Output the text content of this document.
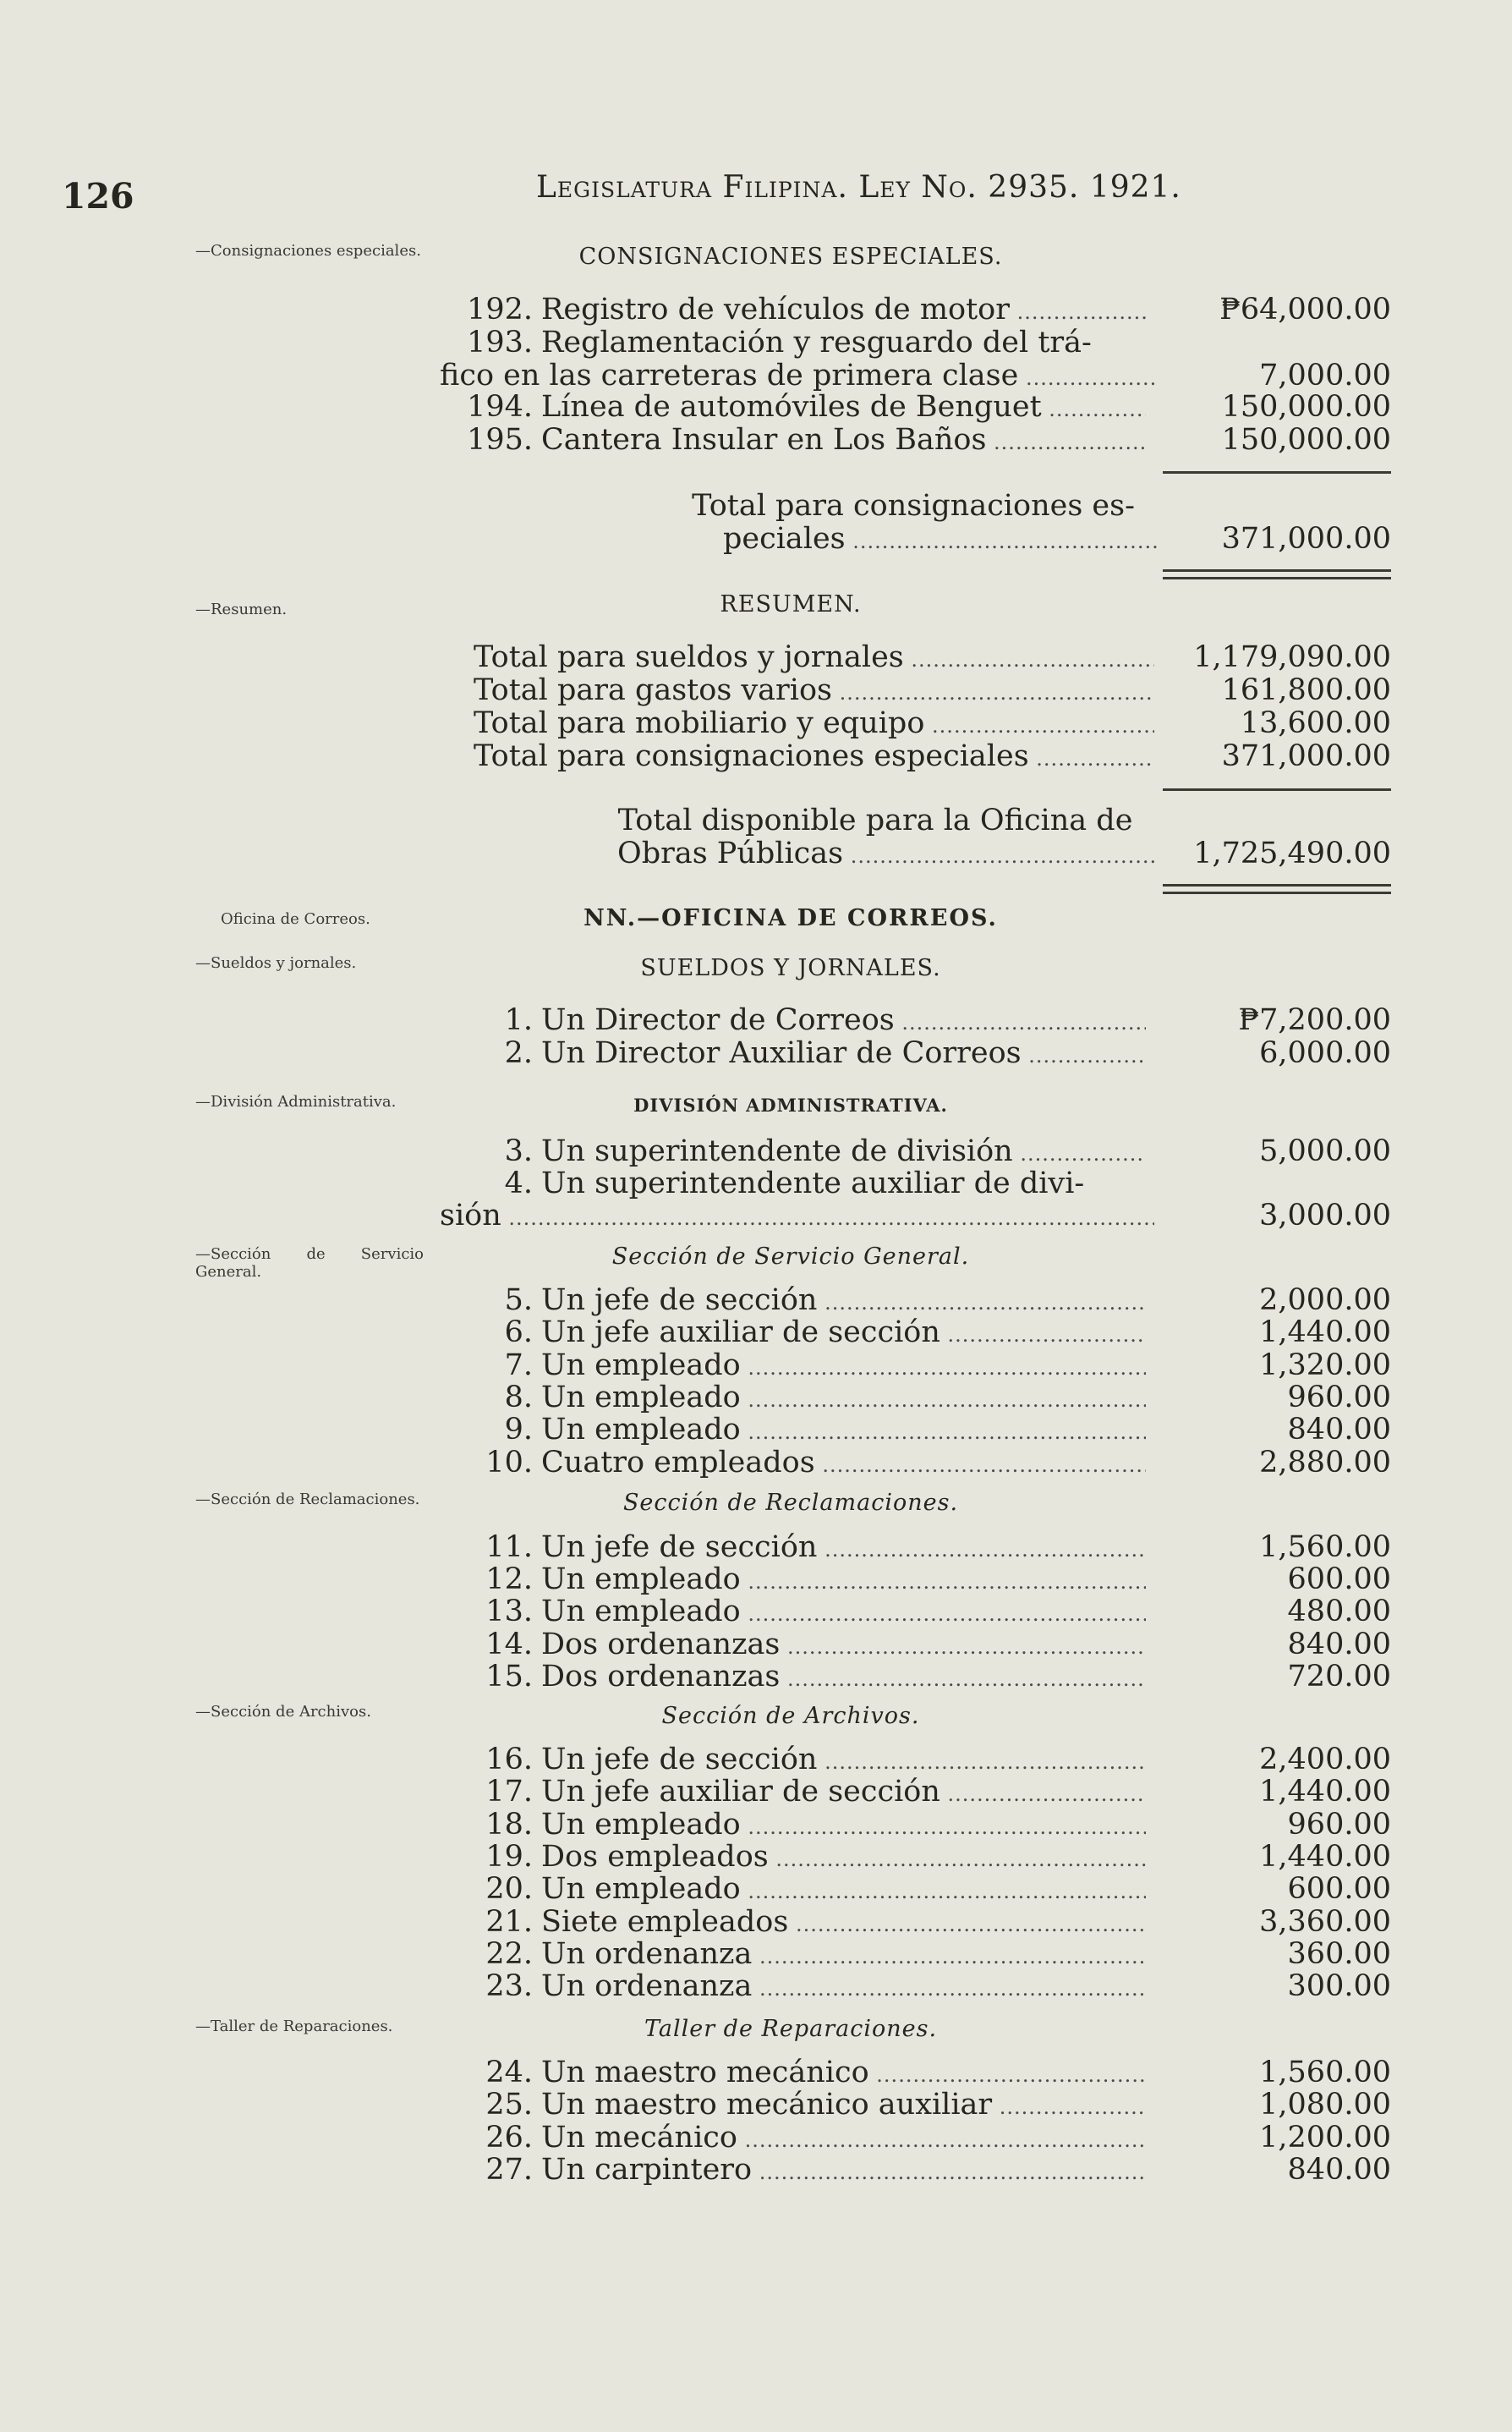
126	Legislatura Filipina. Ley No. 2935. 1921.
—Consignaciones especiales.
—Resumen.
Oficina de Correos.
—Sueldos y jornales.
—División Administrativa.
—Sección de Servicio General.
—Sección de Reclamaciones.
—Sección de Archivos.
—Taller de Reparaciones.
CONSIGNACIONES ESPECIALES.
192. Registro de vehículos de motor .....	₱64,000.00
193. Reglamentación y resguardo del trá-
fico en las carreteras de primera clase .....	7,000.00
194. Línea de automóviles de Benguet .....	150,000.00
195. Cantera Insular en Los Baños .....	150,000.00
Total para consignaciones es-
peciales .....	371,000.00
RESUMEN.
Total para sueldos y jornales .....	1,179,090.00
Total para gastos varios .....	161,800.00
Total para mobiliario y equipo .....	13,600.00
Total para consignaciones especiales .....	371,000.00
Total disponible para la Oficina de
Obras Públicas .....	1,725,490.00
NN.—OFICINA DE CORREOS.
SUELDOS Y JORNALES.
1. Un Director de Correos .....	₱7,200.00
2. Un Director Auxiliar de Correos .....	6,000.00
DIVISIÓN ADMINISTRATIVA.
3. Un superintendente de división .....	5,000.00
4. Un superintendente auxiliar de divi-
sión .....	3,000.00
Sección de Servicio General.
5. Un jefe de sección .....	2,000.00
6. Un jefe auxiliar de sección .....	1,440.00
7. Un empleado .....	1,320.00
8. Un empleado .....	960.00
9. Un empleado .....	840.00
10. Cuatro empleados .....	2,880.00
Sección de Reclamaciones.
11. Un jefe de sección .....	1,560.00
12. Un empleado .....	600.00
13. Un empleado .....	480.00
14. Dos ordenanzas .....	840.00
15. Dos ordenanzas .....	720.00
Sección de Archivos.
16. Un jefe de sección .....	2,400.00
17. Un jefe auxiliar de sección .....	1,440.00
18. Un empleado .....	960.00
19. Dos empleados .....	1,440.00
20. Un empleado .....	600.00
21. Siete empleados .....	3,360.00
22. Un ordenanza .....	360.00
23. Un ordenanza .....	300.00
Taller de Reparaciones.
24. Un maestro mecánico .....	1,560.00
25. Un maestro mecánico auxiliar .....	1,080.00
26. Un mecánico .....	1,200.00
27. Un carpintero .....	840.00
